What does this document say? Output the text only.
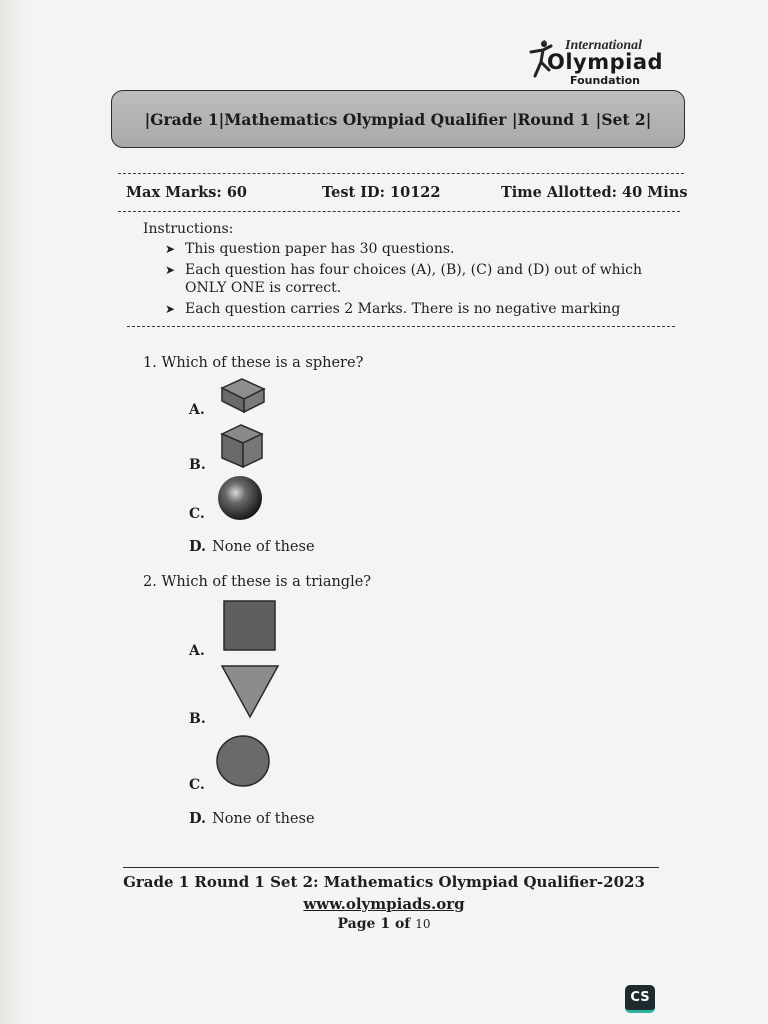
International
Olympiad
Foundation
|Grade 1|Mathematics Olympiad Qualifier |Round 1 |Set 2|
Max Marks: 60	Test ID: 10122	Time Allotted: 40 Mins
Instructions:
➤ This question paper has 30 questions.
➤ Each question has four choices (A), (B), (C) and (D) out of which
ONLY ONE is correct.
➤ Each question carries 2 Marks. There is no negative marking
1. Which of these is a sphere?
A.
B.
C.
D. None of these
2. Which of these is a triangle?
A.
B.
C.
D. None of these
Grade 1 Round 1 Set 2: Mathematics Olympiad Qualifier-2023
www.olympiads.org
Page 1 of 10
CS
